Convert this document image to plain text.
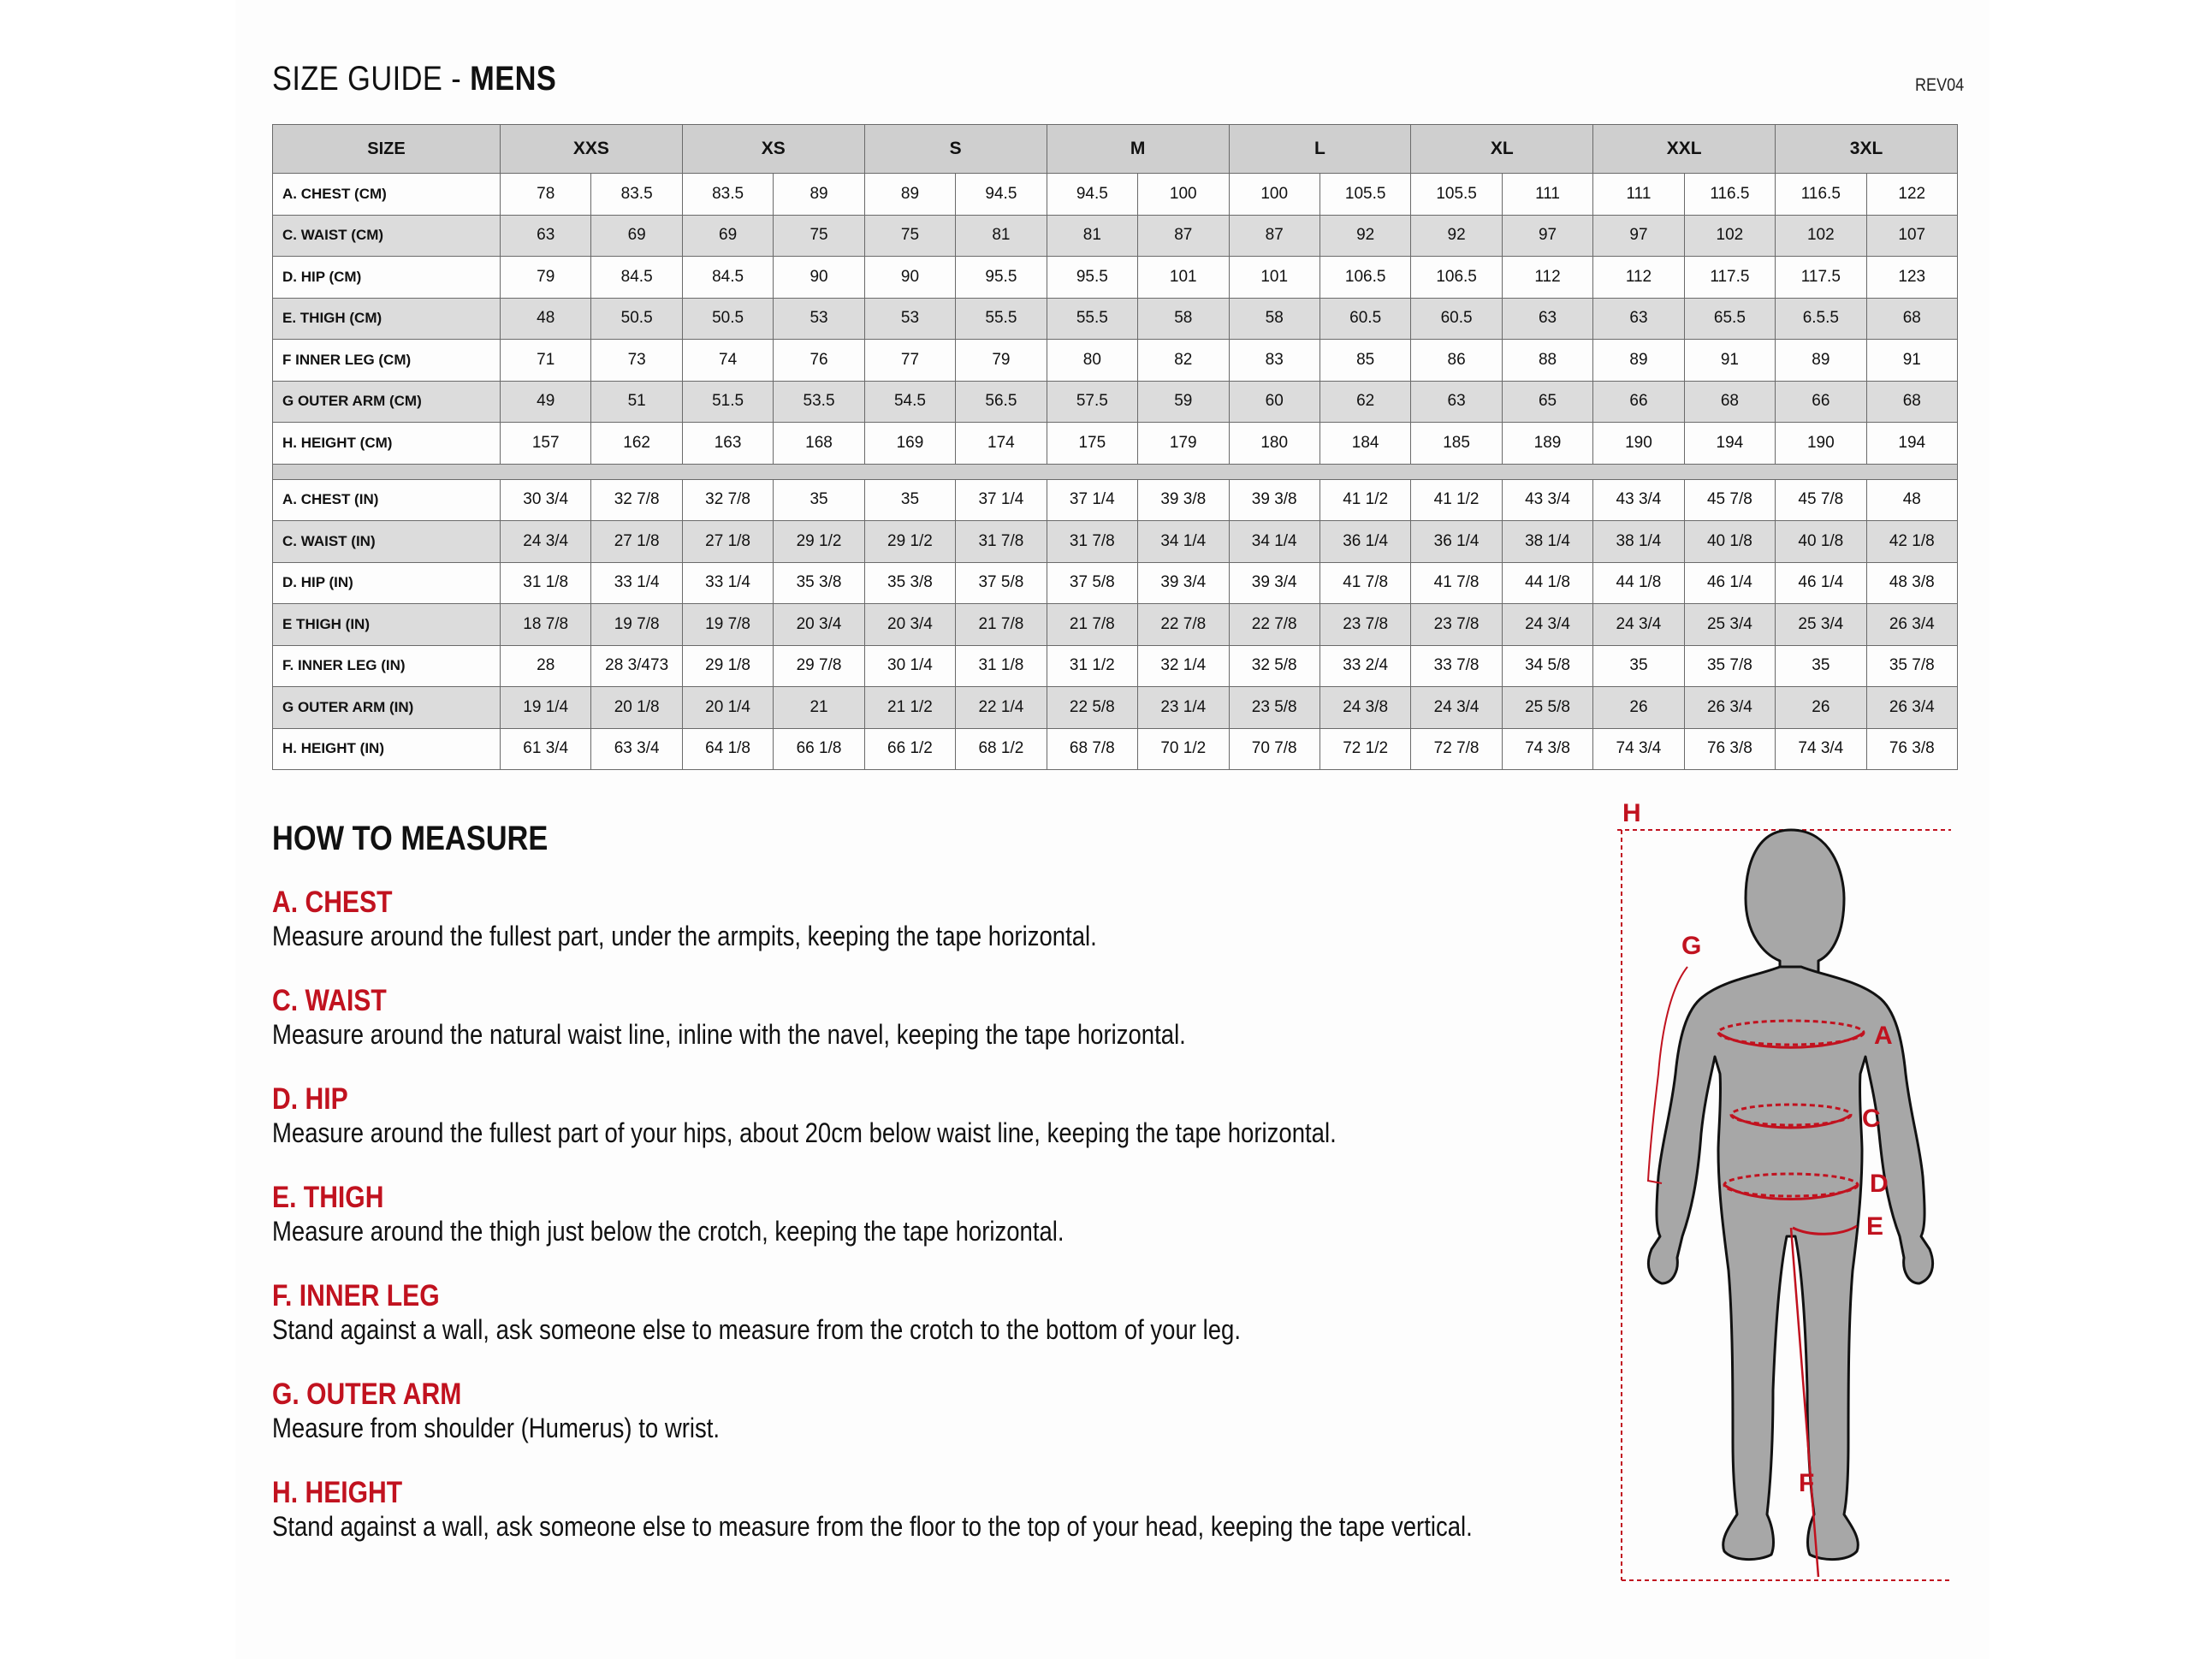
SIZE GUIDE - MENS	REV04
SIZE	XXS		XS		S		M		L		XL		XXL		3XL	
A. CHEST (CM)	78	83.5	83.5	89	89	94.5	94.5	100	100	105.5	105.5	111	111	116.5	116.5	122
C. WAIST (CM)	63	69	69	75	75	81	81	87	87	92	92	97	97	102	102	107
D. HIP (CM)	79	84.5	84.5	90	90	95.5	95.5	101	101	106.5	106.5	112	112	117.5	117.5	123
E. THIGH (CM)	48	50.5	50.5	53	53	55.5	55.5	58	58	60.5	60.5	63	63	65.5	6.5.5	68
F INNER LEG (CM)	71	73	74	76	77	79	80	82	83	85	86	88	89	91	89	91
G OUTER ARM (CM)	49	51	51.5	53.5	54.5	56.5	57.5	59	60	62	63	65	66	68	66	68
H. HEIGHT (CM)	157	162	163	168	169	174	175	179	180	184	185	189	190	194	190	194

A. CHEST (IN)	30 3/4	32 7/8	32 7/8	35	35	37 1/4	37 1/4	39 3/8	39 3/8	41 1/2	41 1/2	43 3/4	43 3/4	45 7/8	45 7/8	48
C. WAIST (IN)	24 3/4	27 1/8	27 1/8	29 1/2	29 1/2	31 7/8	31 7/8	34 1/4	34 1/4	36 1/4	36 1/4	38 1/4	38 1/4	40 1/8	40 1/8	42 1/8
D. HIP (IN)	31 1/8	33 1/4	33 1/4	35 3/8	35 3/8	37 5/8	37 5/8	39 3/4	39 3/4	41 7/8	41 7/8	44 1/8	44 1/8	46 1/4	46 1/4	48 3/8
E THIGH (IN)	18 7/8	19 7/8	19 7/8	20 3/4	20 3/4	21 7/8	21 7/8	22 7/8	22 7/8	23 7/8	23 7/8	24 3/4	24 3/4	25 3/4	25 3/4	26 3/4
F. INNER LEG (IN)	28	28 3/473	29 1/8	29 7/8	30 1/4	31 1/8	31 1/2	32 1/4	32 5/8	33 2/4	33 7/8	34 5/8	35	35 7/8	35	35 7/8
G OUTER ARM (IN)	19 1/4	20 1/8	20 1/4	21	21 1/2	22 1/4	22 5/8	23 1/4	23 5/8	24 3/8	24 3/4	25 5/8	26	26 3/4	26	26 3/4
H. HEIGHT (IN)	61 3/4	63 3/4	64 1/8	66 1/8	66 1/2	68 1/2	68 7/8	70 1/2	70 7/8	72 1/2	72 7/8	74 3/8	74 3/4	76 3/8	74 3/4	76 3/8
HOW TO MEASURE
A. CHEST
Measure around the fullest part, under the armpits, keeping the tape horizontal.
C. WAIST
Measure around the natural waist line, inline with the navel, keeping the tape horizontal.
D. HIP
Measure around the fullest part of your hips, about 20cm below waist line, keeping the tape horizontal.
E. THIGH
Measure around the thigh just below the crotch, keeping the tape horizontal.
F. INNER LEG
Stand against a wall, ask someone else to measure from the crotch to the bottom of your leg.
G. OUTER ARM
Measure from shoulder (Humerus) to wrist.
H. HEIGHT
Stand against a wall, ask someone else to measure from the floor to the top of your head, keeping the tape vertical.
H
G
A
C
D
E
F
